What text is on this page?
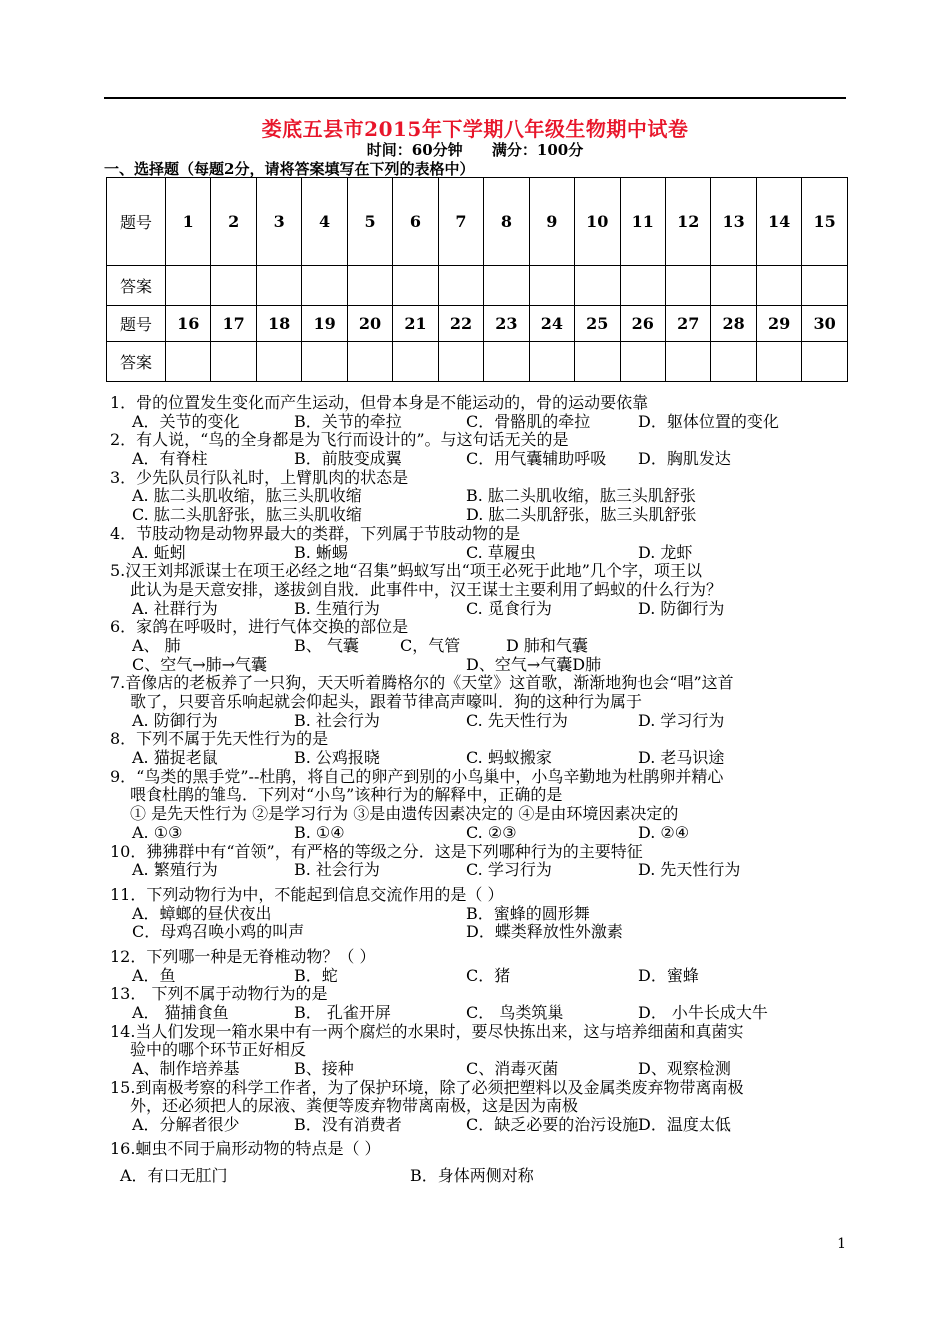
娄底五县市2015年下学期八年级生物期中试卷
时间：60分钟 满分：100分
一、选择题（每题2分，请将答案填写在下列的表格中）
题号	1	2	3	4	5	6	7	8	9	10	11	12	13	14	15
答案															
题号	16	17	18	19	20	21	22	23	24	25	26	27	28	29	30
答案															
1．骨的位置发生变化而产生运动，但骨本身是不能运动的，骨的运动要依靠
A．关节的变化	B．关节的牵拉	C．骨骼肌的牵拉	D．躯体位置的变化
2．有人说，“鸟的全身都是为飞行而设计的”。与这句话无关的是
A．有脊柱	B．前肢变成翼	C．用气囊辅助呼吸 D．胸肌发达
3．少先队员行队礼时，上臂肌肉的状态是
A. 肱二头肌收缩，肱三头肌收缩	B. 肱二头肌收缩，肱三头肌舒张
C. 肱二头肌舒张，肱三头肌收缩	D. 肱二头肌舒张，肱三头肌舒张
4．节肢动物是动物界最大的类群，下列属于节肢动物的是
A. 蚯蚓	B. 蜥蜴	C. 草履虫	D. 龙虾
5.汉王刘邦派谋士在项王必经之地“召集”蚂蚁写出“项王必死于此地”几个字，项王以
此认为是天意安排，遂拔剑自戕．此事件中，汉王谋士主要利用了蚂蚁的什么行为？
A. 社群行为	B. 生殖行为	C. 觅食行为	D. 防御行为
6．家鸽在呼吸时，进行气体交换的部位是
A、 肺	B、 气囊	C，气管	D 肺和气囊
C、空气→肺→气囊	D、空气→气囊D肺
7.音像店的老板养了一只狗，天天听着腾格尔的《天堂》这首歌，渐渐地狗也会“唱”这首
歌了，只要音乐响起就会仰起头，跟着节律高声嚎叫．狗的这种行为属于
A. 防御行为	B. 社会行为	C. 先天性行为	D. 学习行为
8．下列不属于先天性行为的是
A. 猫捉老鼠	B. 公鸡报晓	C. 蚂蚁搬家	D. 老马识途
9．“鸟类的黑手党”--杜鹃，将自己的卵产到别的小鸟巢中，小鸟辛勤地为杜鹃卵并精心
喂食杜鹃的雏鸟．下列对“小鸟”该种行为的解释中，正确的是
① 是先天性行为 ②是学习行为 ③是由遗传因素决定的 ④是由环境因素决定的
A. ①③	B. ①④	C. ②③	D. ②④
10．狒狒群中有“首领”，有严格的等级之分．这是下列哪种行为的主要特征
A. 繁殖行为	B. 社会行为	C. 学习行为	D. 先天性行为
11．下列动物行为中，不能起到信息交流作用的是（ ）
A．蟑螂的昼伏夜出	B．蜜蜂的圆形舞
C．母鸡召唤小鸡的叫声	D．蝶类释放性外激素
12．下列哪一种是无脊椎动物？（ ）
A．鱼	B．蛇	C．猪	D．蜜蜂
13． 下列不属于动物行为的是
A． 猫捕食鱼	B． 孔雀开屏	C． 鸟类筑巢	D． 小牛长成大牛
14.当人们发现一箱水果中有一两个腐烂的水果时，要尽快拣出来，这与培养细菌和真菌实
验中的哪个环节正好相反
A、制作培养基	B、接种	C、消毒灭菌	D、观察检测
15.到南极考察的科学工作者，为了保护环境，除了必须把塑料以及金属类废弃物带离南极
外，还必须把人的尿液、粪便等废弃物带离南极，这是因为南极
A．分解者很少	B．没有消费者	C．缺乏必要的治污设施 D．温度太低
16.蛔虫不同于扁形动物的特点是（ ）
A．有口无肛门	B．身体两侧对称
1
